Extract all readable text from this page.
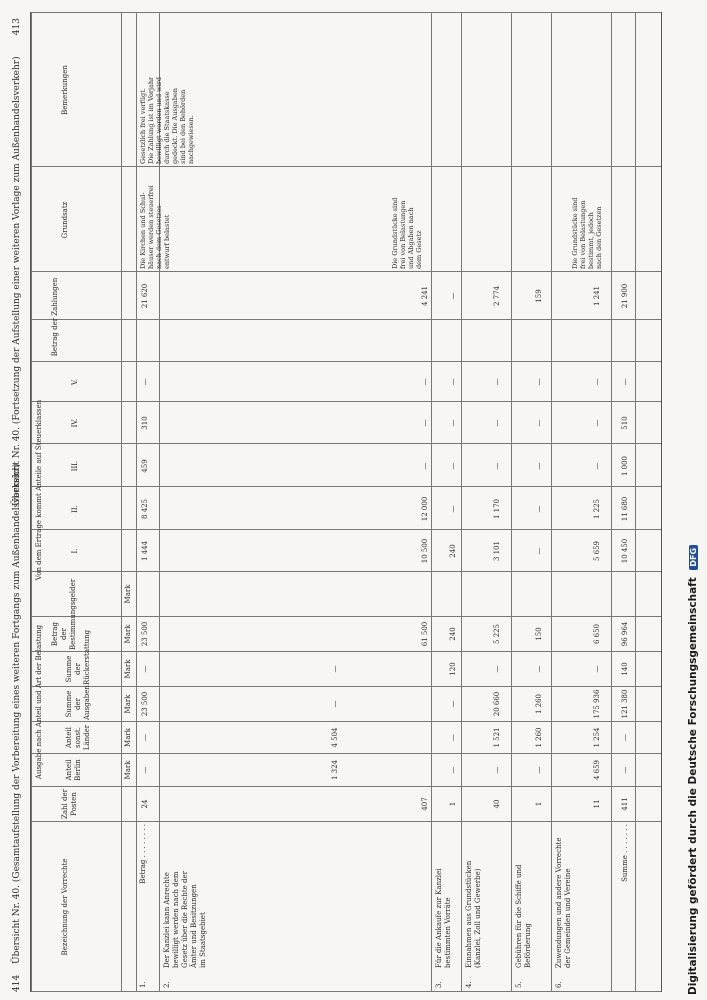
414
Übersicht Nr. 40. (Gesamtaufstellung der Vorbereitung eines weiteren Fortgangs zum Außenhandelsverkehr)
Übersicht Nr. 40. (Fortsetzung der Aufstellung einer weiteren Vorlage zum Außenhandelsverkehr)
413
Bezeichnung der Vorrechte
Zahl der Posten
Ausgabe nach Anteil und Art der Belastung	Anteil Berlin
Anteil sonst. Länder
Summe der Ausgaben
Summe der Rückerstattung
Betrag der Bestimmungsgelder
Von dem Ertrage kommt Anteile auf Steuerklassen	I.
II.
III.
IV.
V.
Betrag der Zahlungen
Grundsatz
Bemerkungen
Mark
Mark
Mark
Mark
Mark
Mark
1.
Betrag . . . . . . . .
24
—
—
23 500
—
23 500
1 444
8 425
459
310
—
21 620
Die Kirchen und Schul-
häuser werden steuerfrei
nach dem Gesetzes-
entwurf belastet
Gesetzlich frei verfügt.
Die Zahlung ist im Vorjahr
bewilligt worden und wird
durch die Staatskasse
gedeckt. Die Ausgaben
sind bei den Behörden
nachgewiesen.
2.
Der Kanzlei kann Anrechte
bewilligt werden nach dem
Gesetz über die Rechte der
Ämter und Besitzungen
im Staatsgebiet
407
1 324
4 504
—
—
61 500
10 500
12 000
—
—
—
4 241
Die Grundstücke sind
frei von Belastungen
und Abgaben nach
dem Gesetz
3.
Für die Ankaufe zur Kanzlei
bestimmten Vorräte
1
—
—
—
120
240
240
—
—
—
—
—
4.
Einnahmen aus Grundstücken
(Kanzlei, Zoll und Gewerbe)
40
—
1 521
20 660
—
5 225
3 101
1 170
—
—
—
2 774
5.
Gebühren für die Schiffe und
Beförderung
1
—
1 260
1 260
—
150
—
—
—
—
—
159
6.
Zuwendungen und andere Vorrechte
der Gemeinden und Vereine
11
4 659
1 254
175 936
—
6 650
5 659
1 225
—
—
—
1 241
Die Grundstücke sind
frei von Belastungen
bestimmt, jedoch
nach den Gesetzen
Summe . . . . . . .
411
—
—
121 380
140
96 964
10 450
11 680
1 000
510
—
21 900
Digitalisierung gefördert durch die Deutsche Forschungsgemeinschaft DFG
